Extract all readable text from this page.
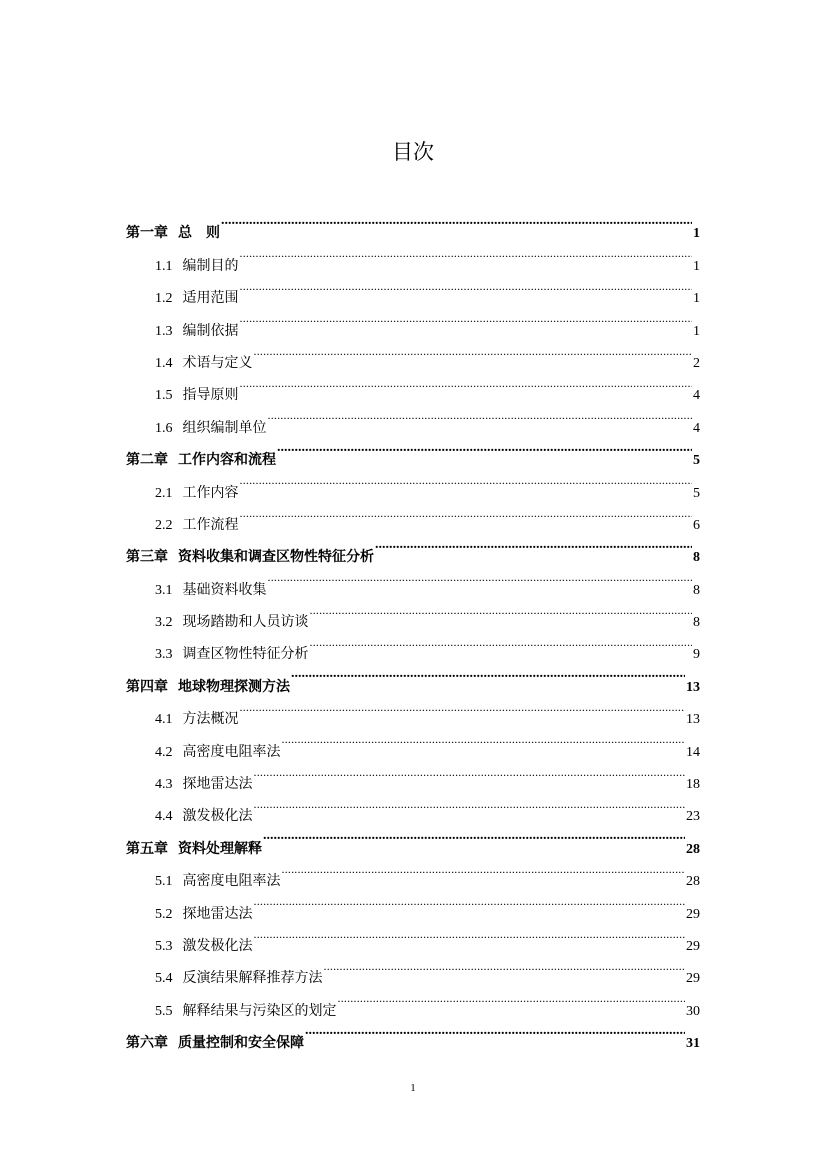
目次
第一章 总　则 .....	1
1.1 编制目的 .....	1
1.2 适用范围 .....	1
1.3 编制依据 .....	1
1.4 术语与定义 .....	2
1.5 指导原则 .....	4
1.6 组织编制单位 .....	4
第二章 工作内容和流程 .....	5
2.1 工作内容 .....	5
2.2 工作流程 .....	6
第三章 资料收集和调查区物性特征分析 .....	8
3.1 基础资料收集 .....	8
3.2 现场踏勘和人员访谈 .....	8
3.3 调查区物性特征分析 .....	9
第四章 地球物理探测方法 .....	13
4.1 方法概况 .....	13
4.2 高密度电阻率法 .....	14
4.3 探地雷达法 .....	18
4.4 激发极化法 .....	23
第五章 资料处理解释 .....	28
5.1 高密度电阻率法 .....	28
5.2 探地雷达法 .....	29
5.3 激发极化法 .....	29
5.4 反演结果解释推荐方法 .....	29
5.5 解释结果与污染区的划定 .....	30
第六章 质量控制和安全保障 .....	31
1
